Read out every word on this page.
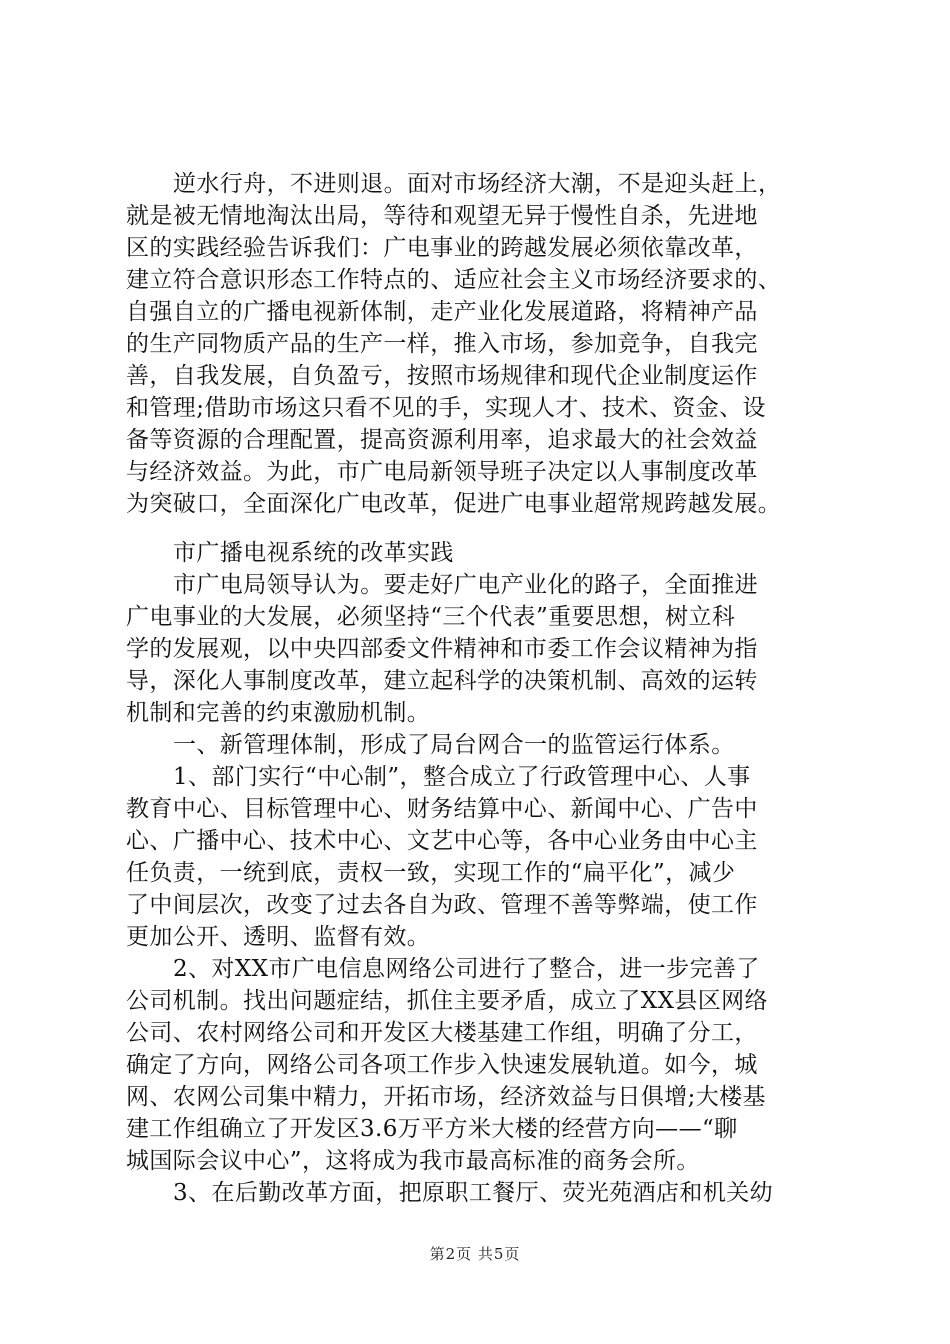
逆水行舟，不进则退。面对市场经济大潮，不是迎头赶上，
就是被无情地淘汰出局，等待和观望无异于慢性自杀，先进地
区的实践经验告诉我们：广电事业的跨越发展必须依靠改革，
建立符合意识形态工作特点的、适应社会主义市场经济要求的、
自强自立的广播电视新体制，走产业化发展道路，将精神产品
的生产同物质产品的生产一样，推入市场，参加竞争，自我完
善，自我发展，自负盈亏，按照市场规律和现代企业制度运作
和管理;借助市场这只看不见的手，实现人才、技术、资金、设
备等资源的合理配置，提高资源利用率，追求最大的社会效益
与经济效益。为此，市广电局新领导班子决定以人事制度改革
为突破口，全面深化广电改革，促进广电事业超常规跨越发展。
市广播电视系统的改革实践
市广电局领导认为。要走好广电产业化的路子，全面推进
广电事业的大发展，必须坚持“三个代表”重要思想，树立科
学的发展观，以中央四部委文件精神和市委工作会议精神为指
导，深化人事制度改革，建立起科学的决策机制、高效的运转
机制和完善的约束激励机制。
一、新管理体制，形成了局台网合一的监管运行体系。
1、部门实行“中心制”，整合成立了行政管理中心、人事
教育中心、目标管理中心、财务结算中心、新闻中心、广告中
心、广播中心、技术中心、文艺中心等，各中心业务由中心主
任负责，一统到底，责权一致，实现工作的“扁平化”，减少
了中间层次，改变了过去各自为政、管理不善等弊端，使工作
更加公开、透明、监督有效。
2、对XX市广电信息网络公司进行了整合，进一步完善了
公司机制。找出问题症结，抓住主要矛盾，成立了XX县区网络
公司、农村网络公司和开发区大楼基建工作组，明确了分工，
确定了方向，网络公司各项工作步入快速发展轨道。如今，城
网、农网公司集中精力，开拓市场，经济效益与日俱增;大楼基
建工作组确立了开发区3.6万平方米大楼的经营方向——“聊
城国际会议中心”，这将成为我市最高标准的商务会所。
3、在后勤改革方面，把原职工餐厅、荧光苑酒店和机关幼
第2页 共5页
